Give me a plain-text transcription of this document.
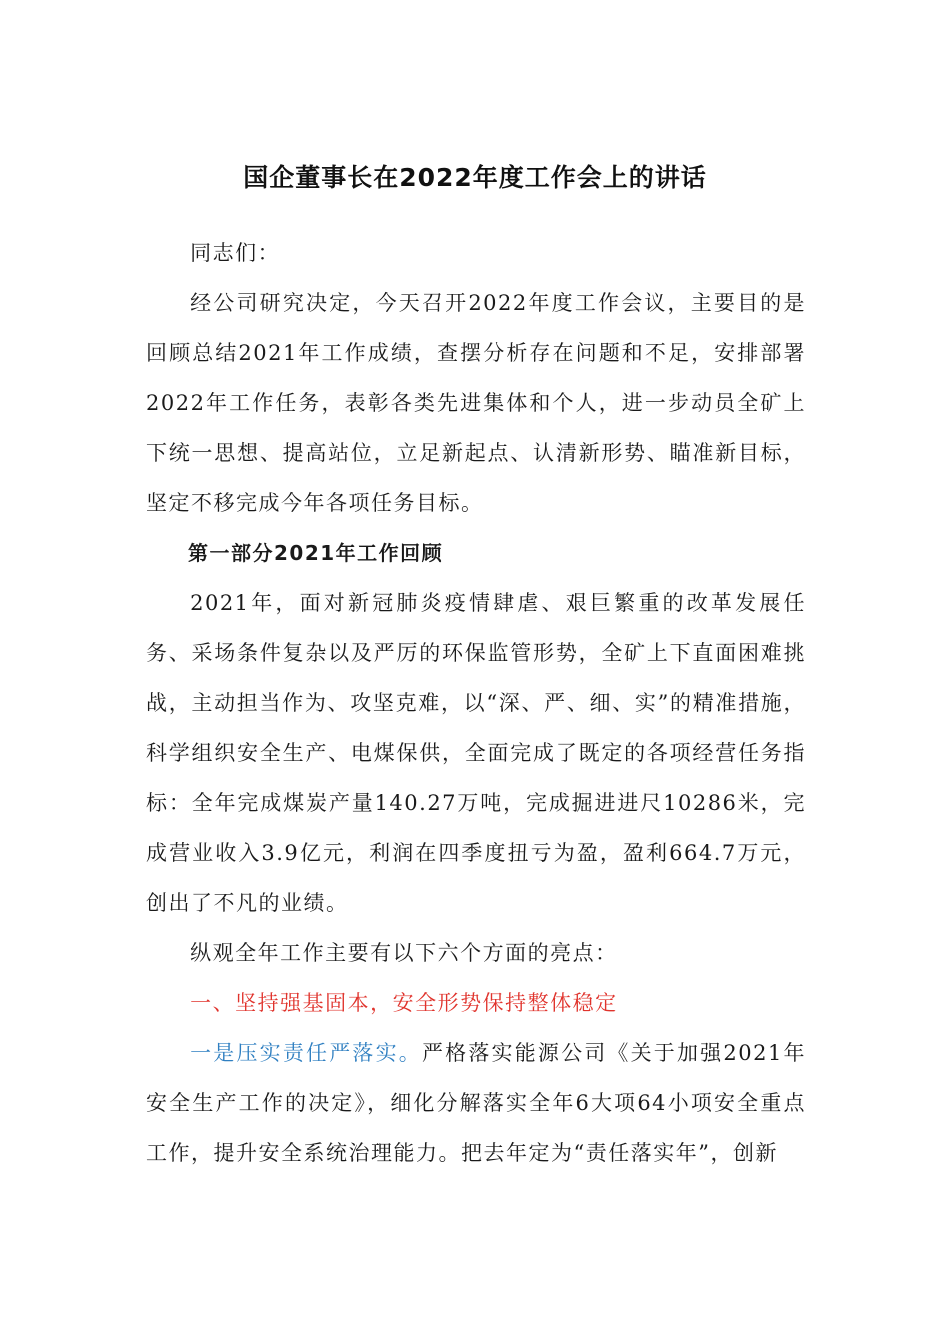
国企董事长在2022年度工作会上的讲话

同志们：

经公司研究决定，今天召开2022年度工作会议，主要目的是回顾总结2021年工作成绩，查摆分析存在问题和不足，安排部署2022年工作任务，表彰各类先进集体和个人，进一步动员全矿上下统一思想、提高站位，立足新起点、认清新形势、瞄准新目标，坚定不移完成今年各项任务目标。

第一部分2021年工作回顾

2021年，面对新冠肺炎疫情肆虐、艰巨繁重的改革发展任务、采场条件复杂以及严厉的环保监管形势，全矿上下直面困难挑战，主动担当作为、攻坚克难，以“深、严、细、实”的精准措施，科学组织安全生产、电煤保供，全面完成了既定的各项经营任务指标：全年完成煤炭产量140.27万吨，完成掘进进尺10286米，完成营业收入3.9亿元，利润在四季度扭亏为盈，盈利664.7万元，创出了不凡的业绩。

纵观全年工作主要有以下六个方面的亮点：

一、坚持强基固本，安全形势保持整体稳定

一是压实责任严落实。严格落实能源公司《关于加强2021年安全生产工作的决定》，细化分解落实全年6大项64小项安全重点工作，提升安全系统治理能力。把去年定为“责任落实年”，创新
